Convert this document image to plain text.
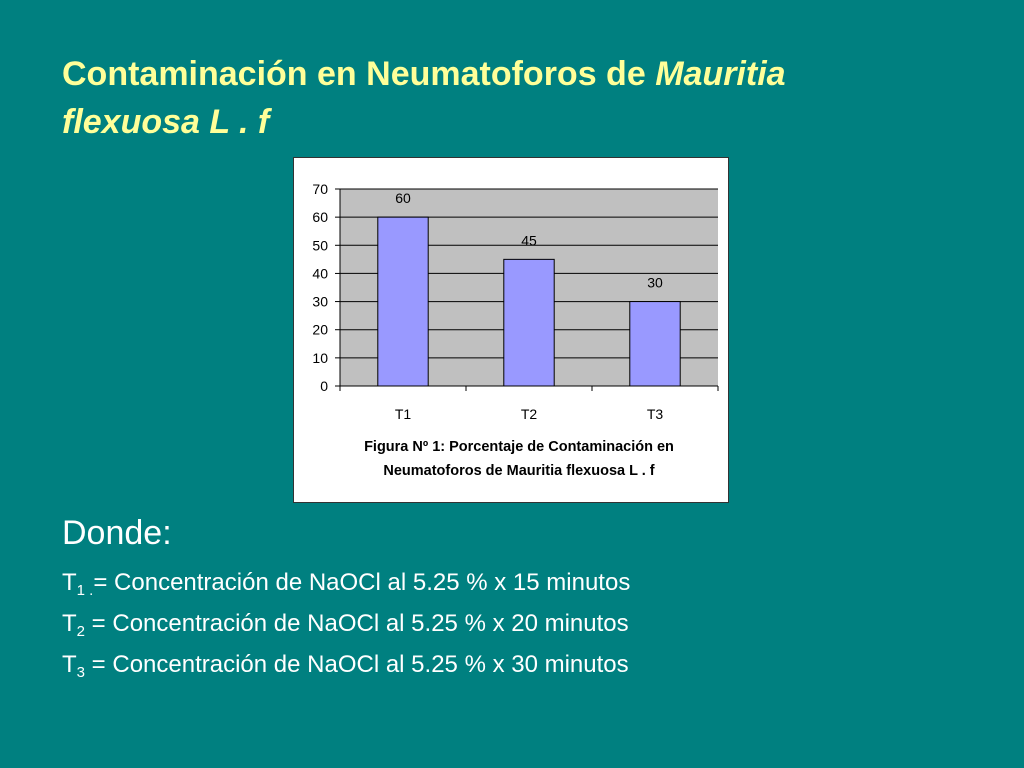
Contaminación en Neumatoforos de Mauritia
flexuosa L . f
0
10
20
30
40
50
60
70
60
T1
45
T2
30
T3
Figura Nº 1: Porcentaje de Contaminación en
Neumatoforos de Mauritia flexuosa L . f
Donde:
$T_{1 .}=$ Concentración de NaOCl al 5.25 % x 15 minutos
$T_2$ = Concentración de NaOCl al 5.25 % x 20 minutos
$T_3$ = Concentración de NaOCl al 5.25 % x 30 minutos
